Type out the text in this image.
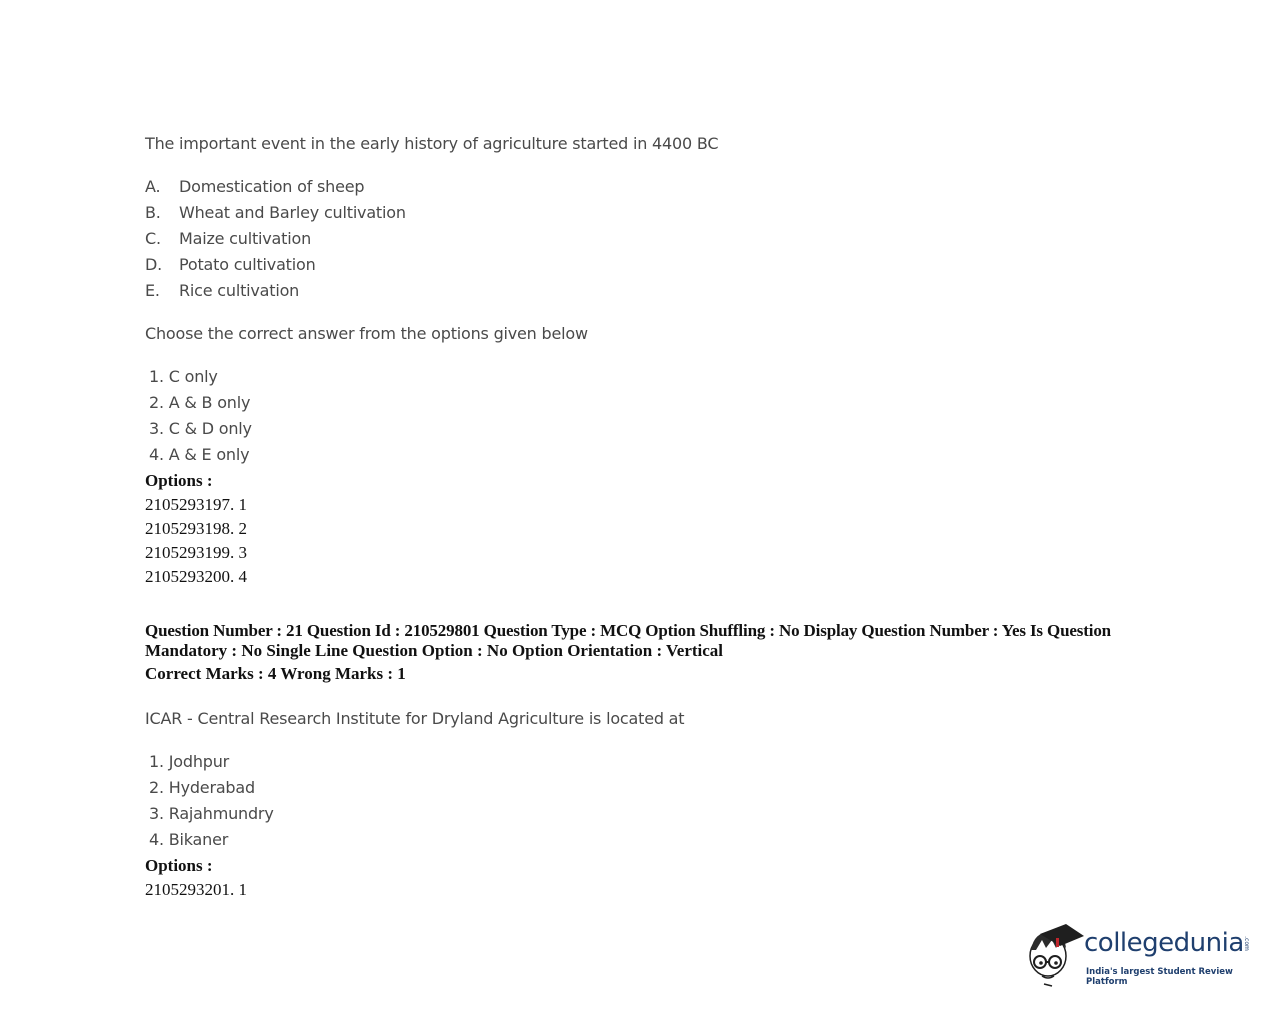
The important event in the early history of agriculture started in 4400 BC
A. Domestication of sheep
B. Wheat and Barley cultivation
C. Maize cultivation
D. Potato cultivation
E. Rice cultivation
Choose the correct answer from the options given below
1. C only
2. A & B only
3. C & D only
4. A & E only
Options :
2105293197. 1
2105293198. 2
2105293199. 3
2105293200. 4
Question Number : 21 Question Id : 210529801 Question Type : MCQ Option Shuffling : No Display Question Number : Yes Is Question
Mandatory : No Single Line Question Option : No Option Orientation : Vertical
Correct Marks : 4 Wrong Marks : 1
ICAR - Central Research Institute for Dryland Agriculture is located at
1. Jodhpur
2. Hyderabad
3. Rajahmundry
4. Bikaner
Options :
2105293201. 1
collegedunia .com
India's largest Student Review Platform
